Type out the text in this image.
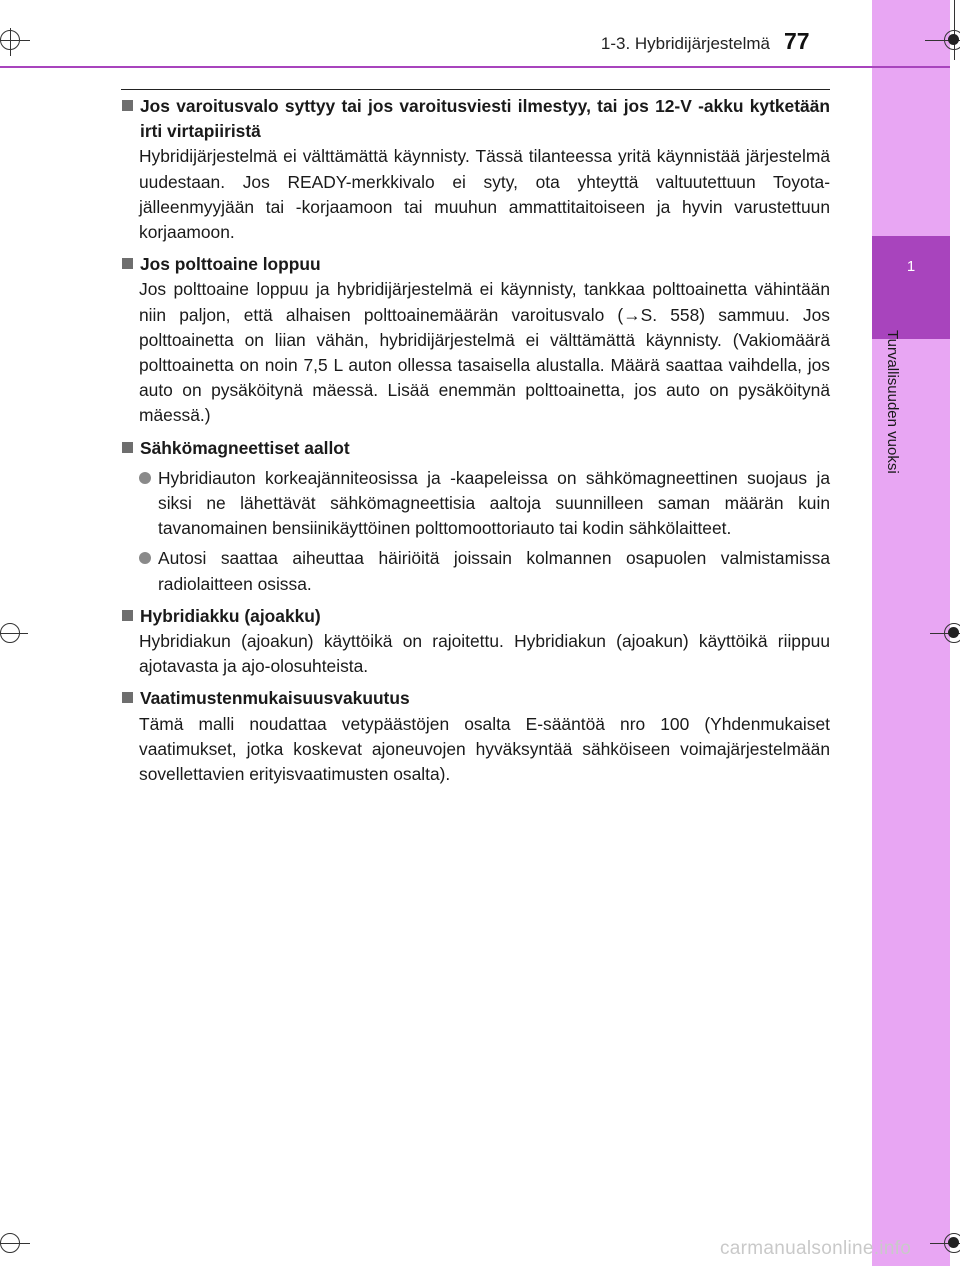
1
Turvallisuuden vuoksi
1-3. Hybridijärjestelmä 77
Jos varoitusvalo syttyy tai jos varoitusviesti ilmestyy, tai jos 12-V -akku kytketään irti virtapiiristä
Hybridijärjestelmä ei välttämättä käynnisty. Tässä tilanteessa yritä käynnistää järjestelmä uudestaan. Jos READY-merkkivalo ei syty, ota yhteyttä valtuutettuun Toyota-jälleenmyyjään tai -korjaamoon tai muuhun ammattitaitoiseen ja hyvin varustettuun korjaamoon.
Jos polttoaine loppuu
Jos polttoaine loppuu ja hybridijärjestelmä ei käynnisty, tankkaa polttoainetta vähintään niin paljon, että alhaisen polttoainemäärän varoitusvalo (→S. 558) sammuu. Jos polttoainetta on liian vähän, hybridijärjestelmä ei välttämättä käynnisty. (Vakiomäärä polttoainetta on noin 7,5 L auton ollessa tasaisella alustalla. Määrä saattaa vaihdella, jos auto on pysäköitynä mäessä. Lisää enemmän polttoainetta, jos auto on pysäköitynä mäessä.)
Sähkömagneettiset aallot
Hybridiauton korkeajänniteosissa ja -kaapeleissa on sähkömagneettinen suojaus ja siksi ne lähettävät sähkömagneettisia aaltoja suunnilleen saman määrän kuin tavanomainen bensiinikäyttöinen polttomoottoriauto tai kodin sähkölaitteet.
Autosi saattaa aiheuttaa häiriöitä joissain kolmannen osapuolen valmistamissa radiolaitteen osissa.
Hybridiakku (ajoakku)
Hybridiakun (ajoakun) käyttöikä on rajoitettu. Hybridiakun (ajoakun) käyttöikä riippuu ajotavasta ja ajo-olosuhteista.
Vaatimustenmukaisuusvakuutus
Tämä malli noudattaa vetypäästöjen osalta E-sääntöä nro 100 (Yhdenmukaiset vaatimukset, jotka koskevat ajoneuvojen hyväksyntää sähköiseen voimajärjestelmään sovellettavien erityisvaatimusten osalta).
carmanualsonline.info
